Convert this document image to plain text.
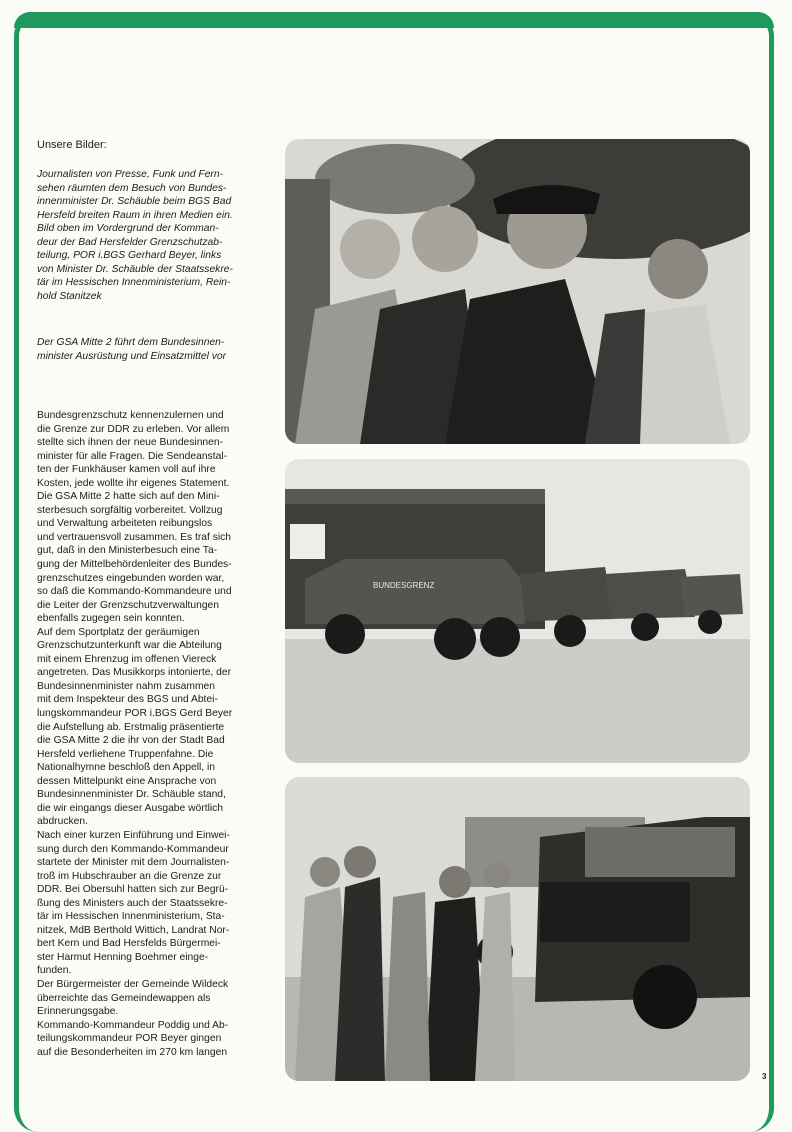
Unsere Bilder:
Journalisten von Presse, Funk und Fern-
sehen räumten dem Besuch von Bundes-
innenminister Dr. Schäuble beim BGS Bad
Hersfeld breiten Raum in ihren Medien ein.
Bild oben im Vordergrund der Komman-
deur der Bad Hersfelder Grenzschutzab-
teilung, POR i.BGS Gerhard Beyer, links
von Minister Dr. Schäuble der Staatssekre-
tär im Hessischen Innenministerium, Rein-
hold Stanitzek
Der GSA Mitte 2 führt dem Bundesinnen-
minister Ausrüstung und Einsatzmittel vor
Bundesgrenzschutz kennenzulernen und
die Grenze zur DDR zu erleben. Vor allem
stellte sich ihnen der neue Bundesinnen-
minister für alle Fragen. Die Sendeanstal-
ten der Funkhäuser kamen voll auf ihre
Kosten, jede wollte ihr eigenes Statement.
Die GSA Mitte 2 hatte sich auf den Mini-
sterbesuch sorgfältig vorbereitet. Vollzug
und Verwaltung arbeiteten reibungslos
und vertrauensvoll zusammen. Es traf sich
gut, daß in den Ministerbesuch eine Ta-
gung der Mittelbehördenleiter des Bundes-
grenzschutzes eingebunden worden war,
so daß die Kommando-Kommandeure und
die Leiter der Grenzschutzverwaltungen
ebenfalls zugegen sein konnten.
Auf dem Sportplatz der geräumigen
Grenzschutzunterkunft war die Abteilung
mit einem Ehrenzug im offenen Viereck
angetreten. Das Musikkorps intonierte, der
Bundesinnenminister nahm zusammen
mit dem Inspekteur des BGS und Abtei-
lungskommandeur POR i.BGS Gerd Beyer
die Aufstellung ab. Erstmalig präsentierte
die GSA Mitte 2 die ihr von der Stadt Bad
Hersfeld verliehene Truppenfahne. Die
Nationalhymne beschloß den Appell, in
dessen Mittelpunkt eine Ansprache von
Bundesinnenminister Dr. Schäuble stand,
die wir eingangs dieser Ausgabe wörtlich
abdrucken.
Nach einer kurzen Einführung und Einwei-
sung durch den Kommando-Kommandeur
startete der Minister mit dem Journalisten-
troß im Hubschrauber an die Grenze zur
DDR. Bei Obersuhl hatten sich zur Begrü-
ßung des Ministers auch der Staatssekre-
tär im Hessischen Innenministerium, Sta-
nitzek, MdB Berthold Wittich, Landrat Nor-
bert Kern und Bad Hersfelds Bürgermei-
ster Harmut Henning Boehmer einge-
funden.
Der Bürgermeister der Gemeinde Wildeck
überreichte das Gemeindewappen als
Erinnerungsgabe.
Kommando-Kommandeur Poddig und Ab-
teilungskommandeur POR Beyer gingen
auf die Besonderheiten im 270 km langen
BUNDESGRENZ
3
